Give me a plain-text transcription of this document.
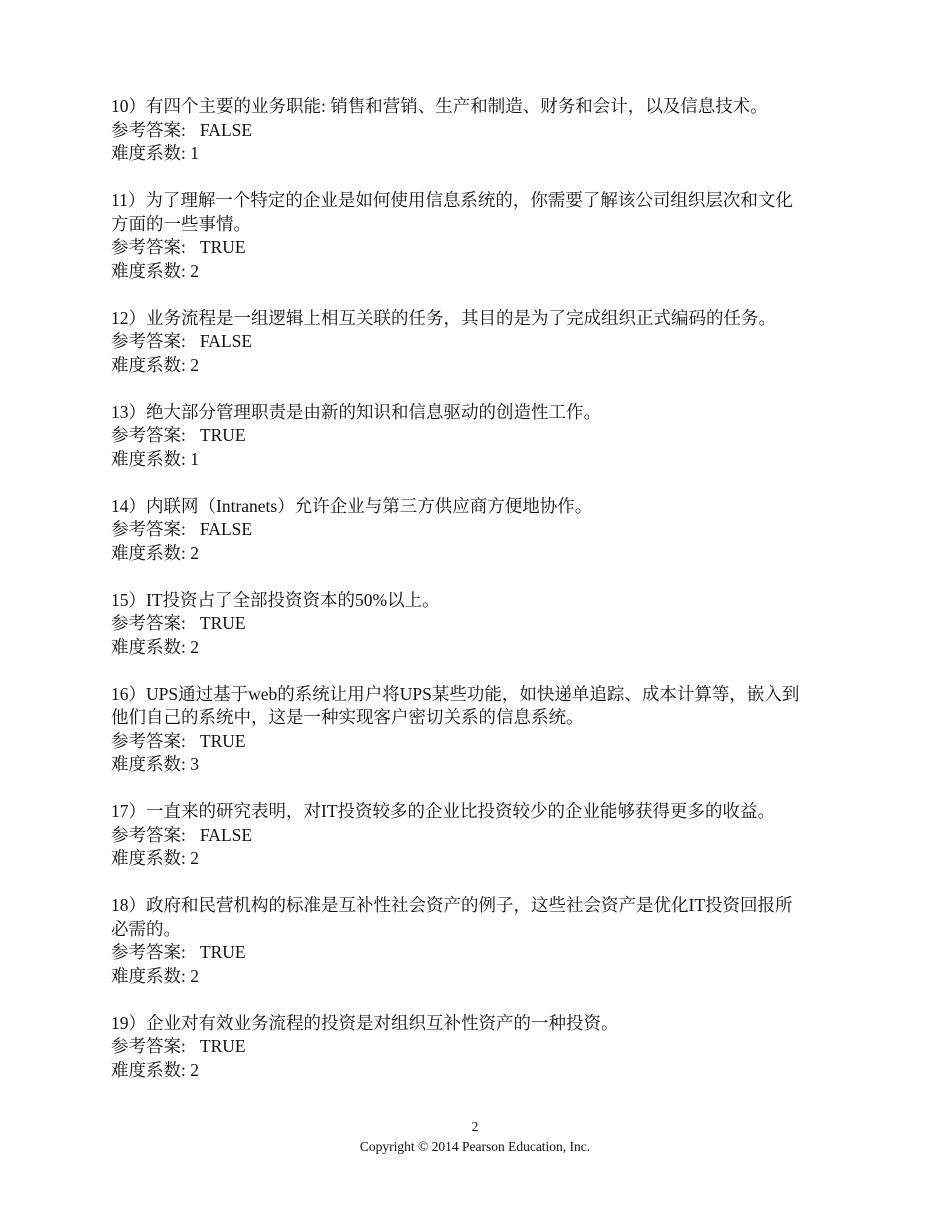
10）有四个主要的业务职能: 销售和营销、生产和制造、财务和会计，以及信息技术。
参考答案: FALSE
难度系数: 1
11）为了理解一个特定的企业是如何使用信息系统的，你需要了解该公司组织层次和文化
方面的一些事情。
参考答案: TRUE
难度系数: 2
12）业务流程是一组逻辑上相互关联的任务，其目的是为了完成组织正式编码的任务。
参考答案: FALSE
难度系数: 2
13）绝大部分管理职责是由新的知识和信息驱动的创造性工作。
参考答案: TRUE
难度系数: 1
14）内联网（Intranets）允许企业与第三方供应商方便地协作。
参考答案: FALSE
难度系数: 2
15）IT投资占了全部投资资本的50%以上。
参考答案: TRUE
难度系数: 2
16）UPS通过基于web的系统让用户将UPS某些功能，如快递单追踪、成本计算等，嵌入到
他们自己的系统中，这是一种实现客户密切关系的信息系统。
参考答案: TRUE
难度系数: 3
17）一直来的研究表明，对IT投资较多的企业比投资较少的企业能够获得更多的收益。
参考答案: FALSE
难度系数: 2
18）政府和民营机构的标准是互补性社会资产的例子，这些社会资产是优化IT投资回报所
必需的。
参考答案: TRUE
难度系数: 2
19）企业对有效业务流程的投资是对组织互补性资产的一种投资。
参考答案: TRUE
难度系数: 2
2
Copyright © 2014 Pearson Education, Inc.
